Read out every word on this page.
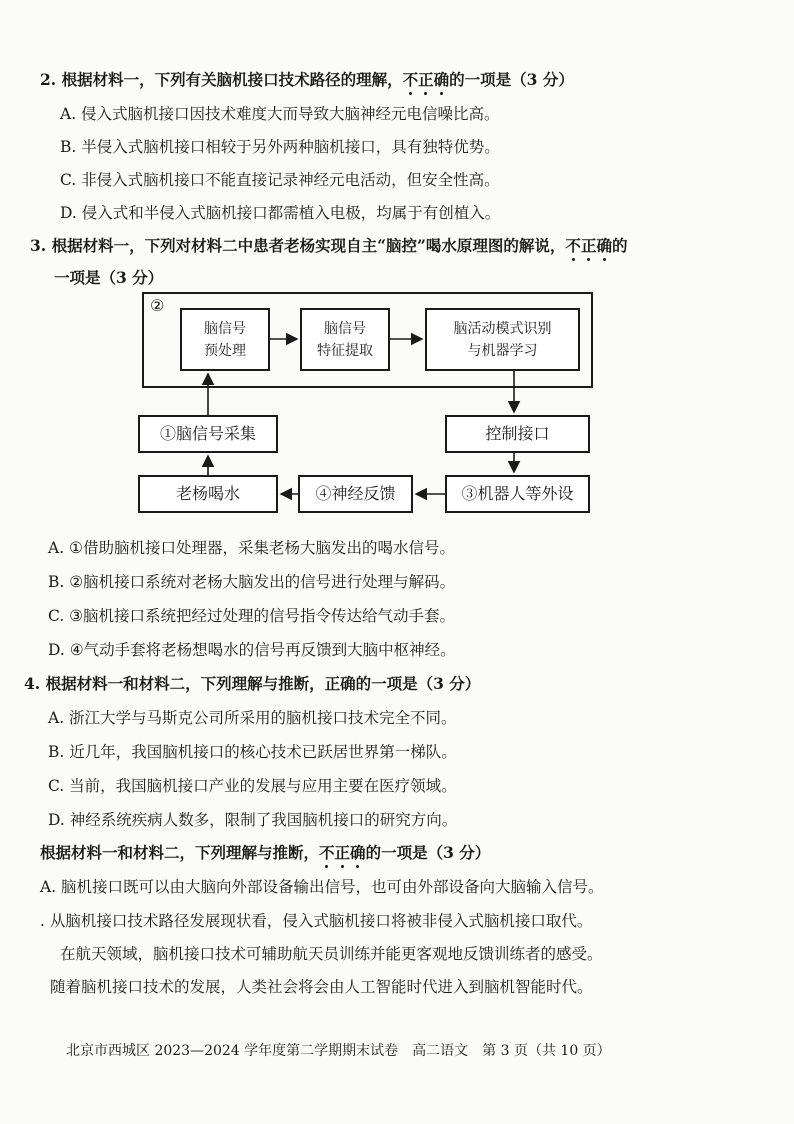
2. 根据材料一，下列有关脑机接口技术路径的理解，不正确的一项是（3 分）
A. 侵入式脑机接口因技术难度大而导致大脑神经元电信噪比高。
B. 半侵入式脑机接口相较于另外两种脑机接口，具有独特优势。
C. 非侵入式脑机接口不能直接记录神经元电活动，但安全性高。
D. 侵入式和半侵入式脑机接口都需植入电极，均属于有创植入。
3. 根据材料一，下列对材料二中患者老杨实现自主“脑控”喝水原理图的解说，不正确的
一项是（3 分）
②
脑信号
预处理
脑信号
特征提取
脑活动模式识别
与机器学习
①脑信号采集	控制接口
老杨喝水	④神经反馈	③机器人等外设
A. ①借助脑机接口处理器，采集老杨大脑发出的喝水信号。
B. ②脑机接口系统对老杨大脑发出的信号进行处理与解码。
C. ③脑机接口系统把经过处理的信号指令传达给气动手套。
D. ④气动手套将老杨想喝水的信号再反馈到大脑中枢神经。
4. 根据材料一和材料二，下列理解与推断，正确的一项是（3 分）
A. 浙江大学与马斯克公司所采用的脑机接口技术完全不同。
B. 近几年，我国脑机接口的核心技术已跃居世界第一梯队。
C. 当前，我国脑机接口产业的发展与应用主要在医疗领域。
D. 神经系统疾病人数多，限制了我国脑机接口的研究方向。
根据材料一和材料二，下列理解与推断，不正确的一项是（3 分）
A. 脑机接口既可以由大脑向外部设备输出信号，也可由外部设备向大脑输入信号。
. 从脑机接口技术路径发展现状看，侵入式脑机接口将被非侵入式脑机接口取代。
在航天领域，脑机接口技术可辅助航天员训练并能更客观地反馈训练者的感受。
随着脑机接口技术的发展，人类社会将会由人工智能时代进入到脑机智能时代。
北京市西城区 2023—2024 学年度第二学期期末试卷　高二语文　第 3 页（共 10 页）
